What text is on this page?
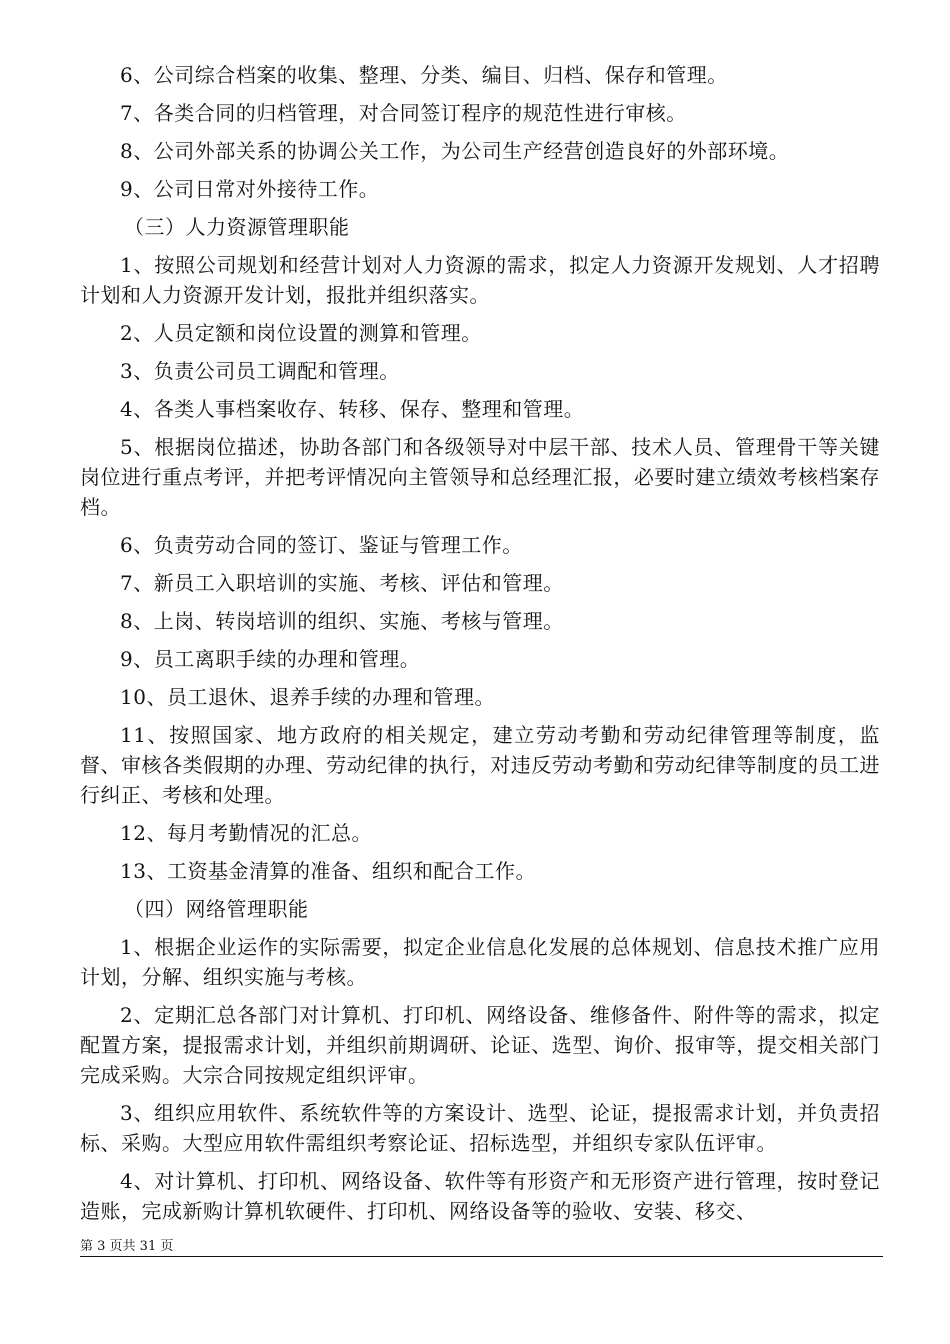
6、公司综合档案的收集、整理、分类、编目、归档、保存和管理。

7、各类合同的归档管理，对合同签订程序的规范性进行审核。

8、公司外部关系的协调公关工作，为公司生产经营创造良好的外部环境。

9、公司日常对外接待工作。

（三）人力资源管理职能

1、按照公司规划和经营计划对人力资源的需求，拟定人力资源开发规划、人才招聘计划和人力资源开发计划，报批并组织落实。

2、人员定额和岗位设置的测算和管理。

3、负责公司员工调配和管理。

4、各类人事档案收存、转移、保存、整理和管理。

5、根据岗位描述，协助各部门和各级领导对中层干部、技术人员、管理骨干等关键岗位进行重点考评，并把考评情况向主管领导和总经理汇报，必要时建立绩效考核档案存档。

6、负责劳动合同的签订、鉴证与管理工作。

7、新员工入职培训的实施、考核、评估和管理。

8、上岗、转岗培训的组织、实施、考核与管理。

9、员工离职手续的办理和管理。

10、员工退休、退养手续的办理和管理。

11、按照国家、地方政府的相关规定，建立劳动考勤和劳动纪律管理等制度，监督、审核各类假期的办理、劳动纪律的执行，对违反劳动考勤和劳动纪律等制度的员工进行纠正、考核和处理。

12、每月考勤情况的汇总。

13、工资基金清算的准备、组织和配合工作。

（四）网络管理职能

1、根据企业运作的实际需要，拟定企业信息化发展的总体规划、信息技术推广应用计划，分解、组织实施与考核。

2、定期汇总各部门对计算机、打印机、网络设备、维修备件、附件等的需求，拟定配置方案，提报需求计划，并组织前期调研、论证、选型、询价、报审等，提交相关部门完成采购。大宗合同按规定组织评审。

3、组织应用软件、系统软件等的方案设计、选型、论证，提报需求计划，并负责招标、采购。大型应用软件需组织考察论证、招标选型，并组织专家队伍评审。

4、对计算机、打印机、网络设备、软件等有形资产和无形资产进行管理，按时登记造账，完成新购计算机软硬件、打印机、网络设备等的验收、安装、移交、

第 3 页共 31 页
